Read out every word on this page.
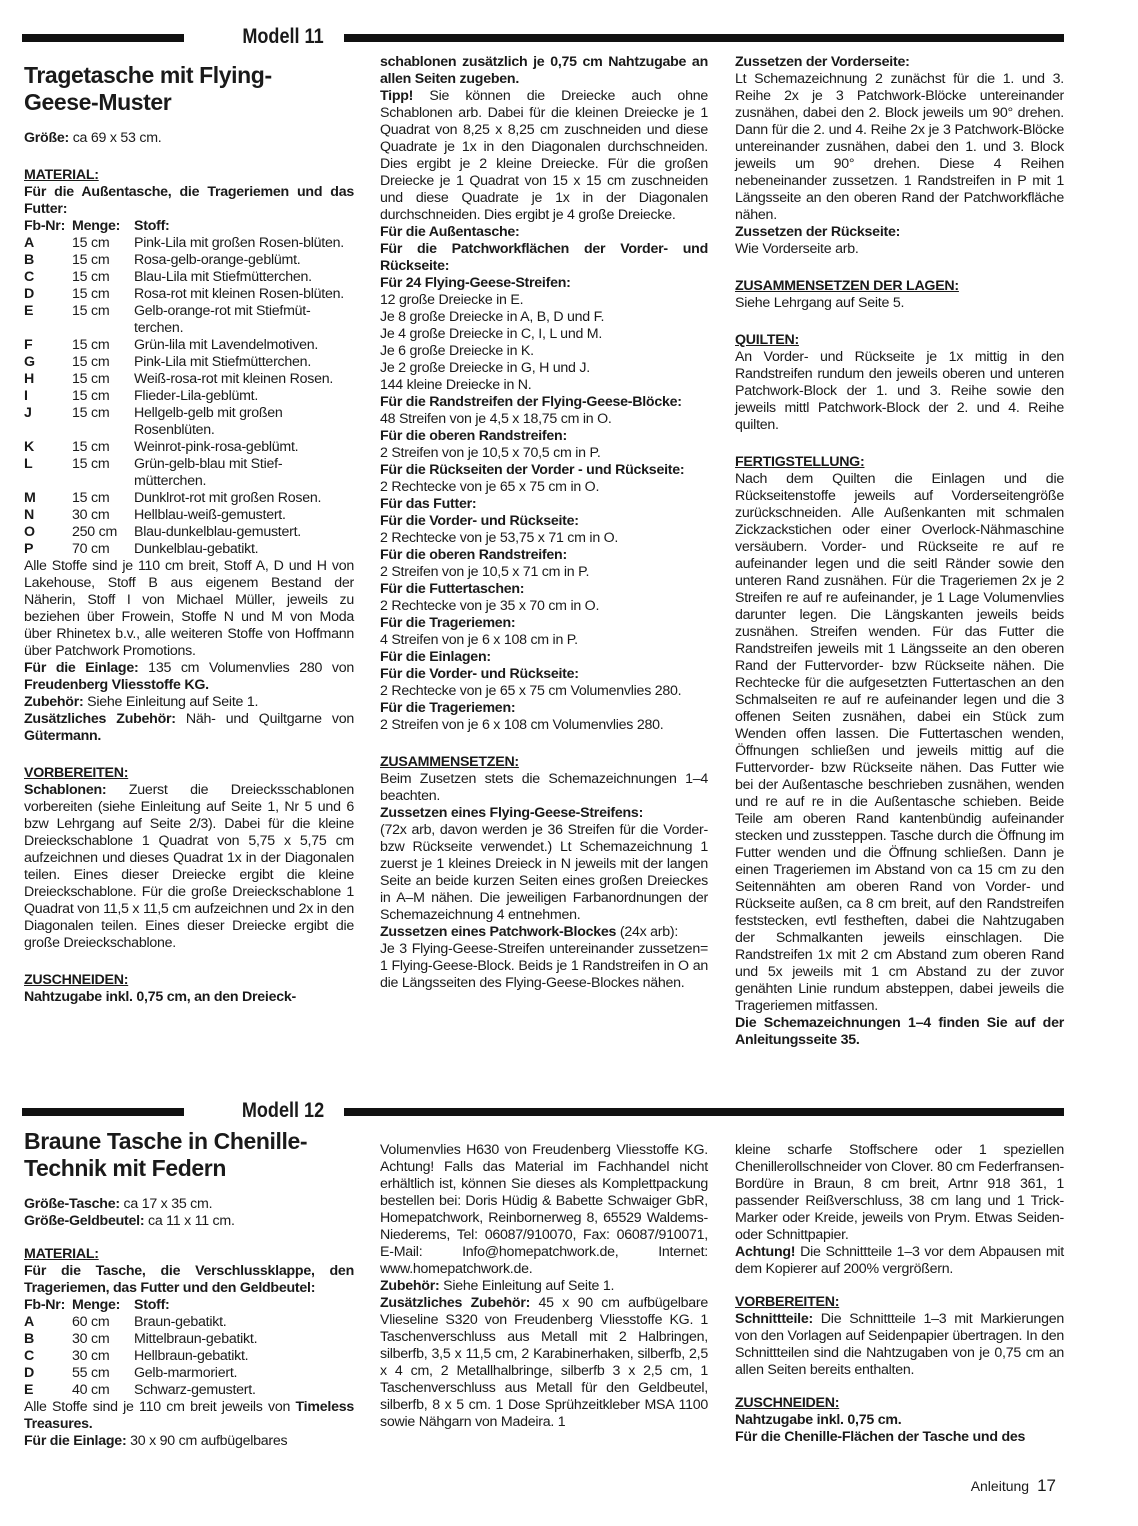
Modell 11
Tragetasche mit Flying-
Geese-Muster

Größe: ca 69 x 53 cm.

MATERIAL:

Für die Außentasche, die Trageriemen und das Futter:

Fb-Nr: Menge: Stoff:
A	15 cm	Pink-Lila mit großen Rosen-blüten.
B	15 cm	Rosa-gelb-orange-geblümt.
C	15 cm	Blau-Lila mit Stiefmütterchen.
D	15 cm	Rosa-rot mit kleinen Rosen-blüten.
E	15 cm	Gelb-orange-rot mit Stiefmüt-terchen.
F	15 cm	Grün-lila mit Lavendelmotiven.
G	15 cm	Pink-Lila mit Stiefmütterchen.
H	15 cm	Weiß-rosa-rot mit kleinen Rosen.
I	15 cm	Flieder-Lila-geblümt.
J	15 cm	Hellgelb-gelb mit großen Rosenblüten.
K	15 cm	Weinrot-pink-rosa-geblümt.
L	15 cm	Grün-gelb-blau mit Stief-mütterchen.
M	15 cm	Dunklrot-rot mit großen Rosen.
N	30 cm	Hellblau-weiß-gemustert.
O	250 cm	Blau-dunkelblau-gemustert.
P	70 cm	Dunkelblau-gebatikt.

Alle Stoffe sind je 110 cm breit, Stoff A, D und H von Lakehouse, Stoff B aus eigenem Bestand der Näherin, Stoff I von Michael Müller, jeweils zu beziehen über Frowein, Stoffe N und M von Moda über Rhinetex b.v., alle weiteren Stoffe von Hoffmann über Patchwork Promotions.

Für die Einlage: 135 cm Volumenvlies 280 von Freudenberg Vliesstoffe KG.

Zubehör: Siehe Einleitung auf Seite 1.

Zusätzliches Zubehör: Näh- und Quiltgarne von Gütermann.

VORBEREITEN:

Schablonen: Zuerst die Dreiecksschablonen vorbereiten (siehe Einleitung auf Seite 1, Nr 5 und 6 bzw Lehrgang auf Seite 2/3). Dabei für die kleine Dreieckschablone 1 Quadrat von 5,75 x 5,75 cm aufzeichnen und dieses Quadrat 1x in der Diagonalen teilen. Eines dieser Dreiecke ergibt die kleine Dreieckschablone. Für die große Dreieckschablone 1 Quadrat von 11,5 x 11,5 cm aufzeichnen und 2x in den Diagonalen teilen. Eines dieser Dreiecke ergibt die große Dreieckschablone.

ZUSCHNEIDEN:

Nahtzugabe inkl. 0,75 cm, an den Dreieck-

schablonen zusätzlich je 0,75 cm Nahtzugabe an allen Seiten zugeben.

Tipp! Sie können die Dreiecke auch ohne Schablonen arb. Dabei für die kleinen Dreiecke je 1 Quadrat von 8,25 x 8,25 cm zuschneiden und diese Quadrate je 1x in den Diagonalen durchschneiden. Dies ergibt je 2 kleine Dreiecke. Für die großen Dreiecke je 1 Quadrat von 15 x 15 cm zuschneiden und diese Quadrate je 1x in der Diagonalen durchschneiden. Dies ergibt je 4 große Dreiecke.

Für die Außentasche:

Für die Patchworkflächen der Vorder- und Rückseite:

Für 24 Flying-Geese-Streifen:

12 große Dreiecke in E.

Je 8 große Dreiecke in A, B, D und F.

Je 4 große Dreiecke in C, I, L und M.

Je 6 große Dreiecke in K.

Je 2 große Dreiecke in G, H und J.

144 kleine Dreiecke in N.

Für die Randstreifen der Flying-Geese-Blöcke:

48 Streifen von je 4,5 x 18,75 cm in O.

Für die oberen Randstreifen:

2 Streifen von je 10,5 x 70,5 cm in P.

Für die Rückseiten der Vorder - und Rückseite:

2 Rechtecke von je 65 x 75 cm in O.

Für das Futter:

Für die Vorder- und Rückseite:

2 Rechtecke von je 53,75 x 71 cm in O.

Für die oberen Randstreifen:

2 Streifen von je 10,5 x 71 cm in P.

Für die Futtertaschen:

2 Rechtecke von je 35 x 70 cm in O.

Für die Trageriemen:

4 Streifen von je 6 x 108 cm in P.

Für die Einlagen:

Für die Vorder- und Rückseite:

2 Rechtecke von je 65 x 75 cm Volumenvlies 280.

Für die Trageriemen:

2 Streifen von je 6 x 108 cm Volumenvlies 280.

ZUSAMMENSETZEN:

Beim Zusetzen stets die Schemazeichnungen 1–4 beachten.

Zussetzen eines Flying-Geese-Streifens:

(72x arb, davon werden je 36 Streifen für die Vorder- bzw Rückseite verwendet.) Lt Schemazeichnung 1 zuerst je 1 kleines Dreieck in N jeweils mit der langen Seite an beide kurzen Seiten eines großen Dreieckes in A–M nähen. Die jeweiligen Farbanordnungen der Schemazeichnung 4 entnehmen.

Zussetzen eines Patchwork-Blockes (24x arb):

Je 3 Flying-Geese-Streifen untereinander zussetzen= 1 Flying-Geese-Block. Beids je 1 Randstreifen in O an die Längsseiten des Flying-Geese-Blockes nähen.

Zussetzen der Vorderseite:

Lt Schemazeichnung 2 zunächst für die 1. und 3. Reihe 2x je 3 Patchwork-Blöcke untereinander zusnähen, dabei den 2. Block jeweils um 90° drehen. Dann für die 2. und 4. Reihe 2x je 3 Patchwork-Blöcke untereinander zusnähen, dabei den 1. und 3. Block jeweils um 90° drehen. Diese 4 Reihen nebeneinander zussetzen. 1 Randstreifen in P mit 1 Längsseite an den oberen Rand der Patchworkfläche nähen.

Zussetzen der Rückseite:

Wie Vorderseite arb.

ZUSAMMENSETZEN DER LAGEN:

Siehe Lehrgang auf Seite 5.

QUILTEN:

An Vorder- und Rückseite je 1x mittig in den Randstreifen rundum den jeweils oberen und unteren Patchwork-Block der 1. und 3. Reihe sowie den jeweils mittl Patchwork-Block der 2. und 4. Reihe quilten.

FERTIGSTELLUNG:

Nach dem Quilten die Einlagen und die Rückseitenstoffe jeweils auf Vorderseitengröße zurückschneiden. Alle Außenkanten mit schmalen Zickzackstichen oder einer Overlock-Nähmaschine versäubern. Vorder- und Rückseite re auf re aufeinander legen und die seitl Ränder sowie den unteren Rand zusnähen. Für die Trageriemen 2x je 2 Streifen re auf re aufeinander, je 1 Lage Volumenvlies darunter legen. Die Längskanten jeweils beids zusnähen. Streifen wenden. Für das Futter die Randstreifen jeweils mit 1 Längsseite an den oberen Rand der Futtervorder- bzw Rückseite nähen. Die Rechtecke für die aufgesetzten Futtertaschen an den Schmalseiten re auf re aufeinander legen und die 3 offenen Seiten zusnähen, dabei ein Stück zum Wenden offen lassen. Die Futtertaschen wenden, Öffnungen schließen und jeweils mittig auf die Futtervorder- bzw Rückseite nähen. Das Futter wie bei der Außentasche beschrieben zusnähen, wenden und re auf re in die Außentasche schieben. Beide Teile am oberen Rand kantenbündig aufeinander stecken und zussteppen. Tasche durch die Öffnung im Futter wenden und die Öffnung schließen. Dann je einen Trageriemen im Abstand von ca 15 cm zu den Seitennähten am oberen Rand von Vorder- und Rückseite außen, ca 8 cm breit, auf den Randstreifen feststecken, evtl festheften, dabei die Nahtzugaben der Schmalkanten jeweils einschlagen. Die Randstreifen 1x mit 2 cm Abstand zum oberen Rand und 5x jeweils mit 1 cm Abstand zu der zuvor genähten Linie rundum absteppen, dabei jeweils die Trageriemen mitfassen.

Die Schemazeichnungen 1–4 finden Sie auf der Anleitungsseite 35.

Modell 12
Braune Tasche in Chenille-
Technik mit Federn

Größe-Tasche: ca 17 x 35 cm.

Größe-Geldbeutel: ca 11 x 11 cm.

MATERIAL:

Für die Tasche, die Verschlussklappe, den Trageriemen, das Futter und den Geldbeutel:

Fb-Nr: Menge: Stoff:
A	60 cm	Braun-gebatikt.
B	30 cm	Mittelbraun-gebatikt.
C	30 cm	Hellbraun-gebatikt.
D	55 cm	Gelb-marmoriert.
E	40 cm	Schwarz-gemustert.

Alle Stoffe sind je 110 cm breit jeweils von Timeless Treasures.

Für die Einlage: 30 x 90 cm aufbügelbares

Volumenvlies H630 von Freudenberg Vliesstoffe KG. Achtung! Falls das Material im Fachhandel nicht erhältlich ist, können Sie dieses als Komplettpackung bestellen bei: Doris Hüdig & Babette Schwaiger GbR, Homepatchwork, Reinbornerweg 8, 65529 Waldems-Niederems, Tel: 06087/910070, Fax: 06087/910071, E-Mail: Info@homepatchwork.de, Internet: www.homepatchwork.de.

Zubehör: Siehe Einleitung auf Seite 1.

Zusätzliches Zubehör: 45 x 90 cm aufbügelbare Vlieseline S320 von Freudenberg Vliesstoffe KG. 1 Taschenverschluss aus Metall mit 2 Halbringen, silberfb, 3,5 x 11,5 cm, 2 Karabinerhaken, silberfb, 2,5 x 4 cm, 2 Metallhalbringe, silberfb 3 x 2,5 cm, 1 Taschenverschluss aus Metall für den Geldbeutel, silberfb, 8 x 5 cm. 1 Dose Sprühzeitkleber MSA 1100 sowie Nähgarn von Madeira. 1

kleine scharfe Stoffschere oder 1 speziellen Chenillerollschneider von Clover. 80 cm Federfransen-Bordüre in Braun, 8 cm breit, Artnr 918 361, 1 passender Reißverschluss, 38 cm lang und 1 Trick-Marker oder Kreide, jeweils von Prym. Etwas Seiden- oder Schnittpapier.

Achtung! Die Schnittteile 1–3 vor dem Abpausen mit dem Kopierer auf 200% vergrößern.

VORBEREITEN:

Schnittteile: Die Schnittteile 1–3 mit Markierungen von den Vorlagen auf Seidenpapier übertragen. In den Schnittteilen sind die Nahtzugaben von je 0,75 cm an allen Seiten bereits enthalten.

ZUSCHNEIDEN:

Nahtzugabe inkl. 0,75 cm.

Für die Chenille-Flächen der Tasche und des

Anleitung 17
